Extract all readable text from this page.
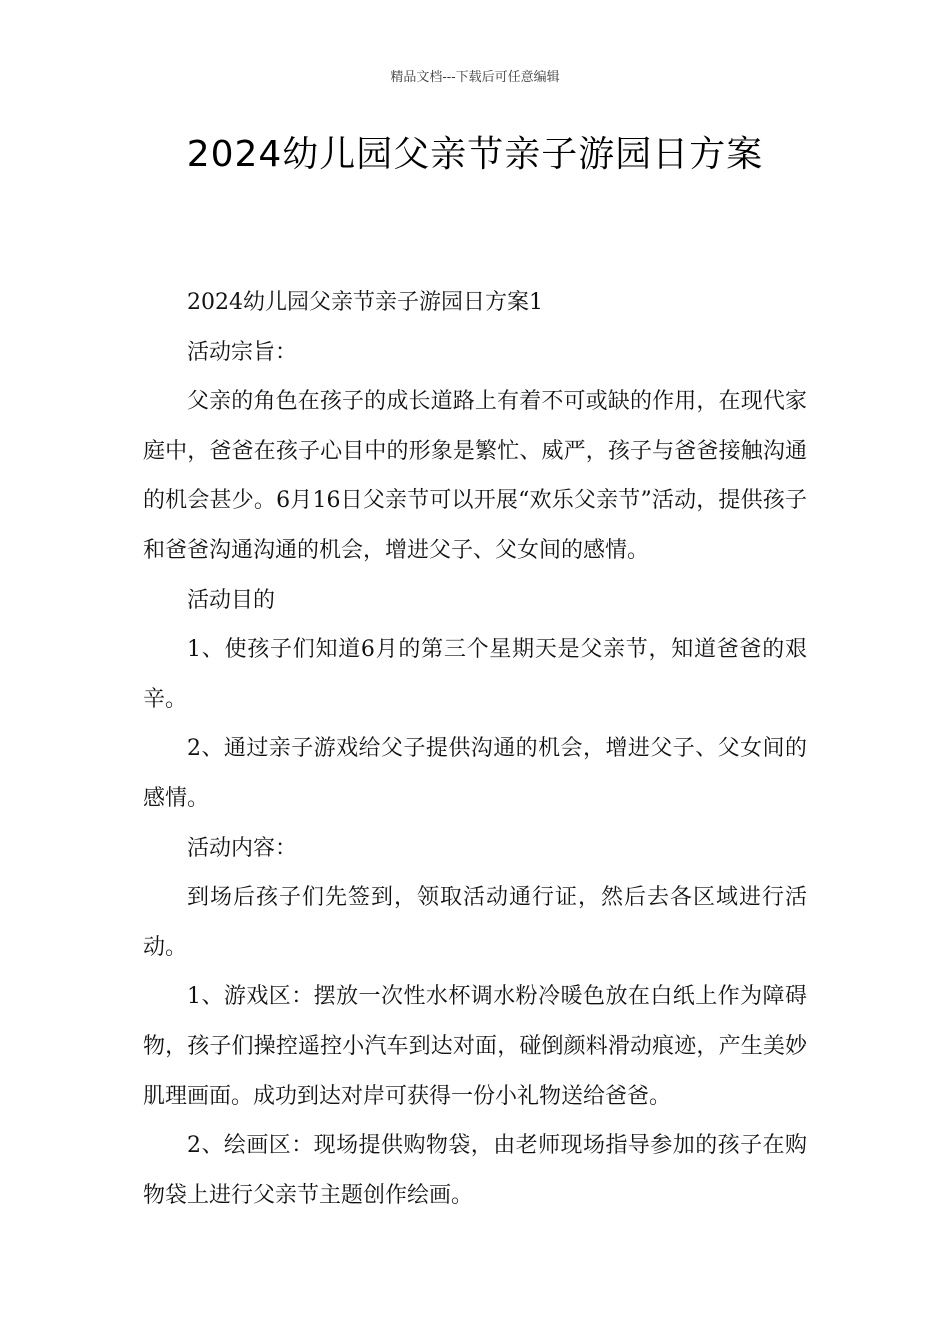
精品文档---下载后可任意编辑
2024幼儿园父亲节亲子游园日方案

2024幼儿园父亲节亲子游园日方案1

活动宗旨：

父亲的角色在孩子的成长道路上有着不可或缺的作用，在现代家庭中，爸爸在孩子心目中的形象是繁忙、威严，孩子与爸爸接触沟通的机会甚少。6月16日父亲节可以开展“欢乐父亲节”活动，提供孩子和爸爸沟通沟通的机会，增进父子、父女间的感情。

活动目的

1、使孩子们知道6月的第三个星期天是父亲节，知道爸爸的艰辛。

2、通过亲子游戏给父子提供沟通的机会，增进父子、父女间的感情。

活动内容：

到场后孩子们先签到，领取活动通行证，然后去各区域进行活动。

1、游戏区：摆放一次性水杯调水粉冷暖色放在白纸上作为障碍物，孩子们操控遥控小汽车到达对面，碰倒颜料滑动痕迹，产生美妙肌理画面。成功到达对岸可获得一份小礼物送给爸爸。

2、绘画区：现场提供购物袋，由老师现场指导参加的孩子在购物袋上进行父亲节主题创作绘画。
